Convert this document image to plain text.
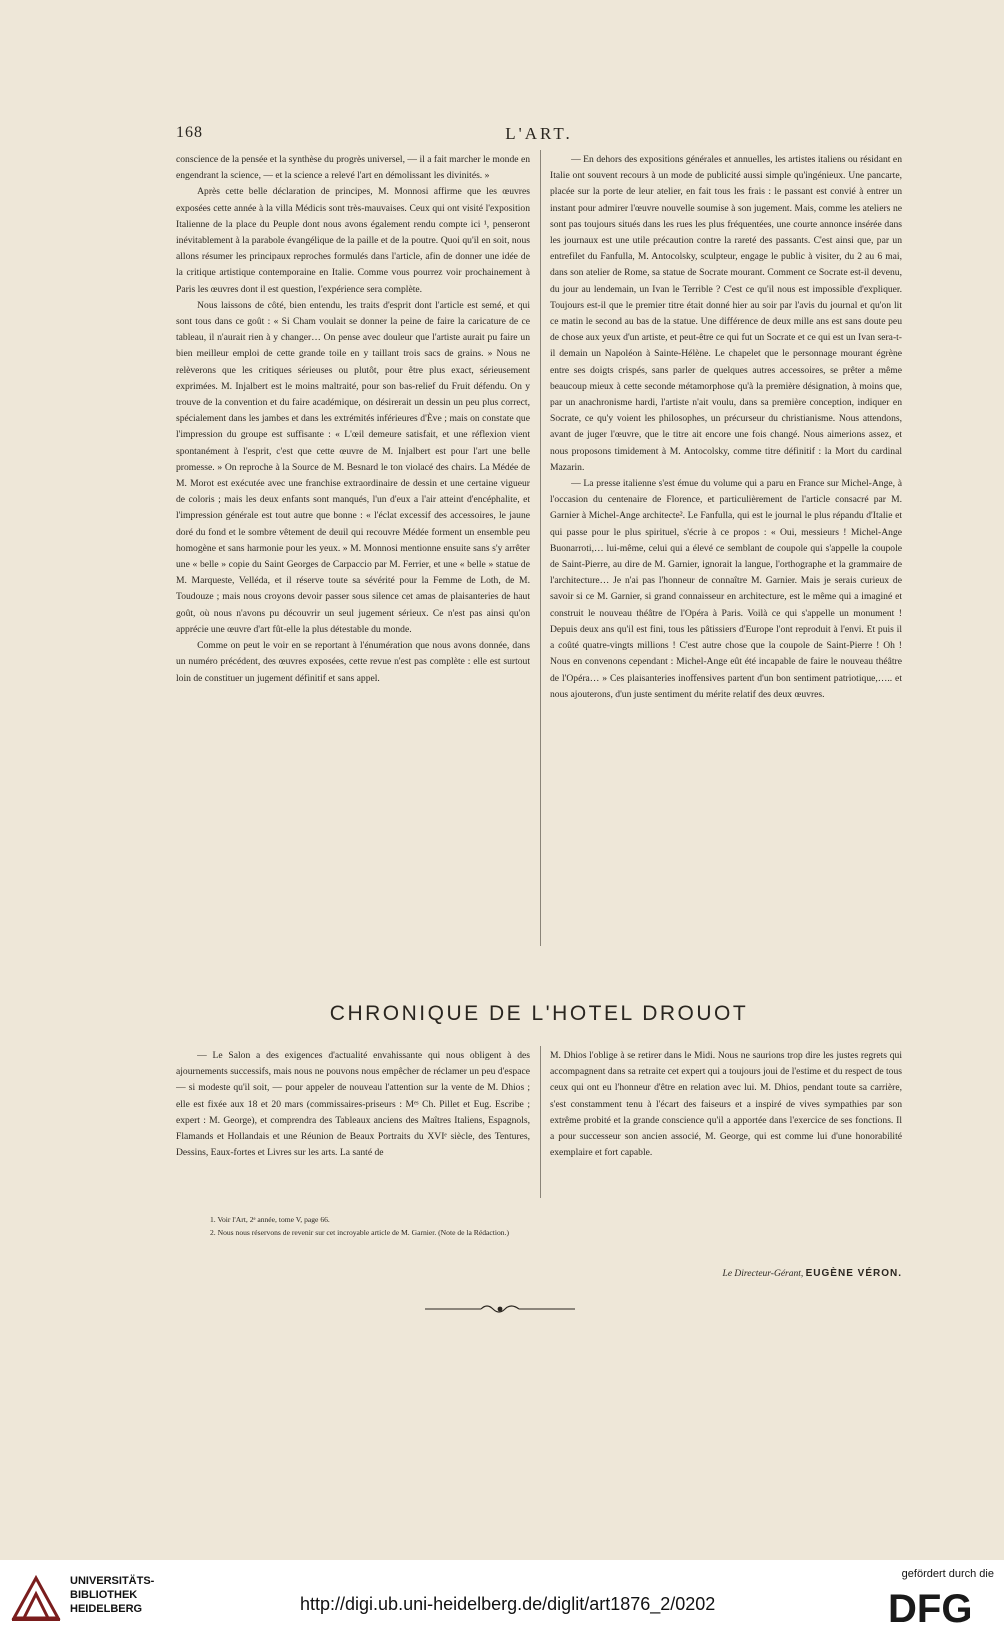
168	L'ART.

conscience de la pensée et la synthèse du progrès universel, — il a fait marcher le monde en engendrant la science, — et la science a relevé l'art en démolissant les divinités. »

Après cette belle déclaration de principes, M. Monnosi affirme que les œuvres exposées cette année à la villa Médicis sont très-mauvaises. Ceux qui ont visité l'exposition Italienne de la place du Peuple dont nous avons également rendu compte ici ¹, penseront inévitablement à la parabole évangélique de la paille et de la poutre. Quoi qu'il en soit, nous allons résumer les principaux reproches formulés dans l'article, afin de donner une idée de la critique artistique contemporaine en Italie. Comme vous pourrez voir prochainement à Paris les œuvres dont il est question, l'expérience sera complète.

Nous laissons de côté, bien entendu, les traits d'esprit dont l'article est semé, et qui sont tous dans ce goût : « Si Cham voulait se donner la peine de faire la caricature de ce tableau, il n'aurait rien à y changer… On pense avec douleur que l'artiste aurait pu faire un bien meilleur emploi de cette grande toile en y taillant trois sacs de grains. » Nous ne relèverons que les critiques sérieuses ou plutôt, pour être plus exact, sérieusement exprimées. M. Injalbert est le moins maltraité, pour son bas-relief du Fruit défendu. On y trouve de la convention et du faire académique, on désirerait un dessin un peu plus correct, spécialement dans les jambes et dans les extrémités inférieures d'Ève ; mais on constate que l'impression du groupe est suffisante : « L'œil demeure satisfait, et une réflexion vient spontanément à l'esprit, c'est que cette œuvre de M. Injalbert est pour l'art une belle promesse. » On reproche à la Source de M. Besnard le ton violacé des chairs. La Médée de M. Morot est exécutée avec une franchise extraordinaire de dessin et une certaine vigueur de coloris ; mais les deux enfants sont manqués, l'un d'eux a l'air atteint d'encéphalite, et l'impression générale est tout autre que bonne : « l'éclat excessif des accessoires, le jaune doré du fond et le sombre vêtement de deuil qui recouvre Médée forment un ensemble peu homogène et sans harmonie pour les yeux. » M. Monnosi mentionne ensuite sans s'y arrêter une « belle » copie du Saint Georges de Carpaccio par M. Ferrier, et une « belle » statue de M. Marqueste, Velléda, et il réserve toute sa sévérité pour la Femme de Loth, de M. Toudouze ; mais nous croyons devoir passer sous silence cet amas de plaisanteries de haut goût, où nous n'avons pu découvrir un seul jugement sérieux. Ce n'est pas ainsi qu'on apprécie une œuvre d'art fût-elle la plus détestable du monde.

Comme on peut le voir en se reportant à l'énumération que nous avons donnée, dans un numéro précédent, des œuvres exposées, cette revue n'est pas complète : elle est surtout loin de constituer un jugement définitif et sans appel.

— En dehors des expositions générales et annuelles, les artistes italiens ou résidant en Italie ont souvent recours à un mode de publicité aussi simple qu'ingénieux. Une pancarte, placée sur la porte de leur atelier, en fait tous les frais : le passant est convié à entrer un instant pour admirer l'œuvre nouvelle soumise à son jugement. Mais, comme les ateliers ne sont pas toujours situés dans les rues les plus fréquentées, une courte annonce insérée dans les journaux est une utile précaution contre la rareté des passants. C'est ainsi que, par un entrefilet du Fanfulla, M. Antocolsky, sculpteur, engage le public à visiter, du 2 au 6 mai, dans son atelier de Rome, sa statue de Socrate mourant. Comment ce Socrate est-il devenu, du jour au lendemain, un Ivan le Terrible ? C'est ce qu'il nous est impossible d'expliquer. Toujours est-il que le premier titre était donné hier au soir par l'avis du journal et qu'on lit ce matin le second au bas de la statue. Une différence de deux mille ans est sans doute peu de chose aux yeux d'un artiste, et peut-être ce qui fut un Socrate et ce qui est un Ivan sera-t-il demain un Napoléon à Sainte-Hélène. Le chapelet que le personnage mourant égrène entre ses doigts crispés, sans parler de quelques autres accessoires, se prêter a même beaucoup mieux à cette seconde métamorphose qu'à la première désignation, à moins que, par un anachronisme hardi, l'artiste n'ait voulu, dans sa première conception, indiquer en Socrate, ce qu'y voient les philosophes, un précurseur du christianisme. Nous attendons, avant de juger l'œuvre, que le titre ait encore une fois changé. Nous aimerions assez, et nous proposons timidement à M. Antocolsky, comme titre définitif : la Mort du cardinal Mazarin.

— La presse italienne s'est émue du volume qui a paru en France sur Michel-Ange, à l'occasion du centenaire de Florence, et particulièrement de l'article consacré par M. Garnier à Michel-Ange architecte². Le Fanfulla, qui est le journal le plus répandu d'Italie et qui passe pour le plus spirituel, s'écrie à ce propos : « Oui, messieurs ! Michel-Ange Buonarroti,… lui-même, celui qui a élevé ce semblant de coupole qui s'appelle la coupole de Saint-Pierre, au dire de M. Garnier, ignorait la langue, l'orthographe et la grammaire de l'architecture… Je n'ai pas l'honneur de connaître M. Garnier. Mais je serais curieux de savoir si ce M. Garnier, si grand connaisseur en architecture, est le même qui a imaginé et construit le nouveau théâtre de l'Opéra à Paris. Voilà ce qui s'appelle un monument ! Depuis deux ans qu'il est fini, tous les pâtissiers d'Europe l'ont reproduit à l'envi. Et puis il a coûté quatre-vingts millions ! C'est autre chose que la coupole de Saint-Pierre ! Oh ! Nous en convenons cependant : Michel-Ange eût été incapable de faire le nouveau théâtre de l'Opéra… » Ces plaisanteries inoffensives partent d'un bon sentiment patriotique,….. et nous ajouterons, d'un juste sentiment du mérite relatif des deux œuvres.

CHRONIQUE DE L'HOTEL DROUOT

— Le Salon a des exigences d'actualité envahissante qui nous obligent à des ajournements successifs, mais nous ne pouvons nous empêcher de réclamer un peu d'espace — si modeste qu'il soit, — pour appeler de nouveau l'attention sur la vente de M. Dhios ; elle est fixée aux 18 et 20 mars (commissaires-priseurs : Mᵉˢ Ch. Pillet et Eug. Escribe ; expert : M. George), et comprendra des Tableaux anciens des Maîtres Italiens, Espagnols, Flamands et Hollandais et une Réunion de Beaux Portraits du XVIᵉ siècle, des Tentures, Dessins, Eaux-fortes et Livres sur les arts. La santé de

M. Dhios l'oblige à se retirer dans le Midi. Nous ne saurions trop dire les justes regrets qui accompagnent dans sa retraite cet expert qui a toujours joui de l'estime et du respect de tous ceux qui ont eu l'honneur d'être en relation avec lui. M. Dhios, pendant toute sa carrière, s'est constamment tenu à l'écart des faiseurs et a inspiré de vives sympathies par son extrême probité et la grande conscience qu'il a apportée dans l'exercice de ses fonctions. Il a pour successeur son ancien associé, M. George, qui est comme lui d'une honorabilité exemplaire et fort capable.

1. Voir l'Art, 2ᵉ année, tome V, page 66.
2. Nous nous réservons de revenir sur cet incroyable article de M. Garnier. (Note de la Rédaction.)
Le Directeur-Gérant, EUGÈNE VÉRON.
UNIVERSITÄTS-
BIBLIOTHEK
HEIDELBERG	http://digi.ub.uni-heidelberg.de/diglit/art1876_2/0202
gefördert durch die
DFG
